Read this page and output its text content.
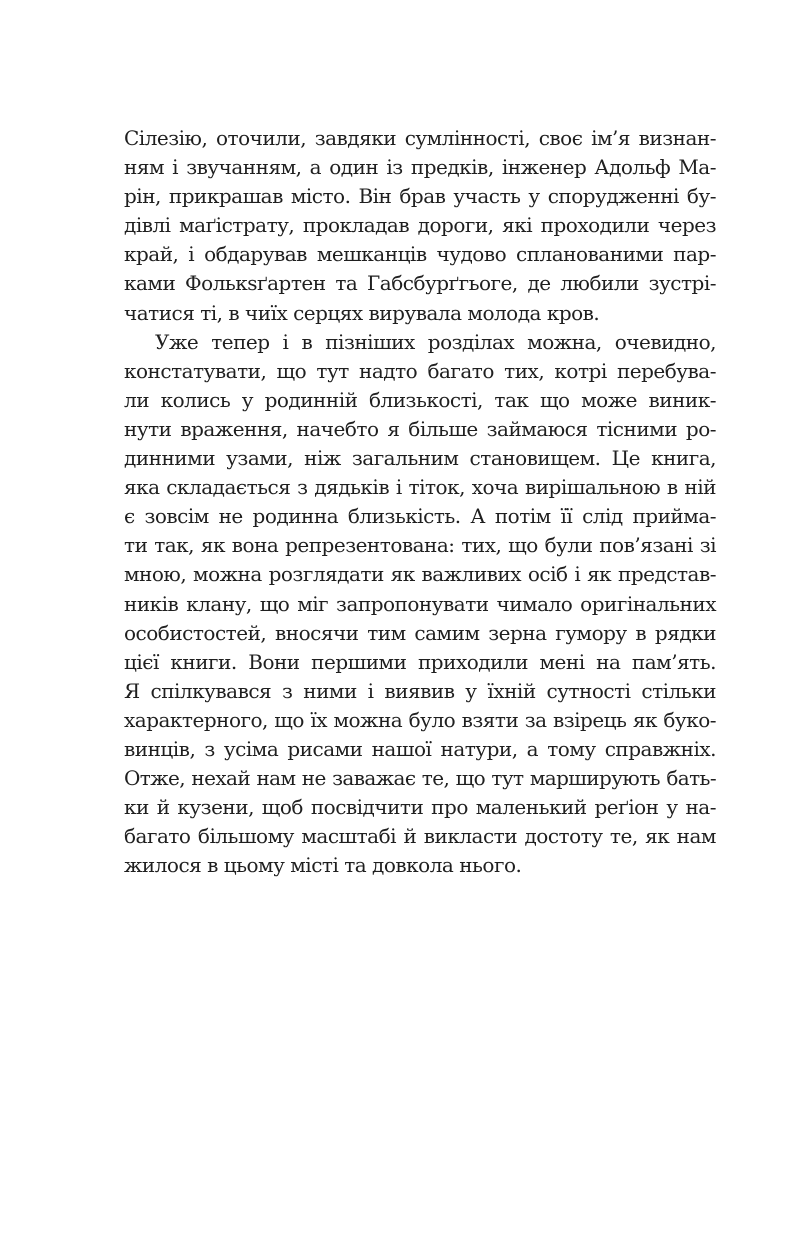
Сілезію, оточили, завдяки сумлінності, своє ім’я визнан-
ням і звучанням, а один із предків, інженер Адольф Ма-
рін, прикрашав місто. Він брав участь у спорудженні бу-
дівлі маґістрату, прокладав дороги, які проходили через
край, і обдарував мешканців чудово спланованими пар-
ками Фолькsґартен та Габсбурґгьоге, де любили зустрі-
чатися ті, в чиїх серцях вирувала молода кров.
Уже тепер і в пізніших розділах можна, очевидно,
констатувати, що тут надто багато тих, котрі перебува-
ли колись у родинній близькості, так що може виник-
нути враження, начебто я більше займаюся тісними ро-
динними узами, ніж загальним становищем. Це книга,
яка складається з дядьків і тіток, хоча вирішальною в ній
є зовсім не родинна близькість. А потім її слід прийма-
ти так, як вона репрезентована: тих, що були пов’язані зі
мною, можна розглядати як важливих осіб і як представ-
ників клану, що міг запропонувати чимало оригінальних
особистостей, вносячи тим самим зерна гумору в рядки
цієї книги. Вони першими приходили мені на пам’ять.
Я спілкувався з ними і виявив у їхній сутності стільки
характерного, що їх можна було взяти за взірець як буко-
винців, з усіма рисами нашої натури, а тому справжніх.
Отже, нехай нам не заважає те, що тут марширують бать-
ки й кузени, щоб посвідчити про маленький реґіон у на-
багато більшому масштабі й викласти достоту те, як нам
жилося в цьому місті та довкола нього.
